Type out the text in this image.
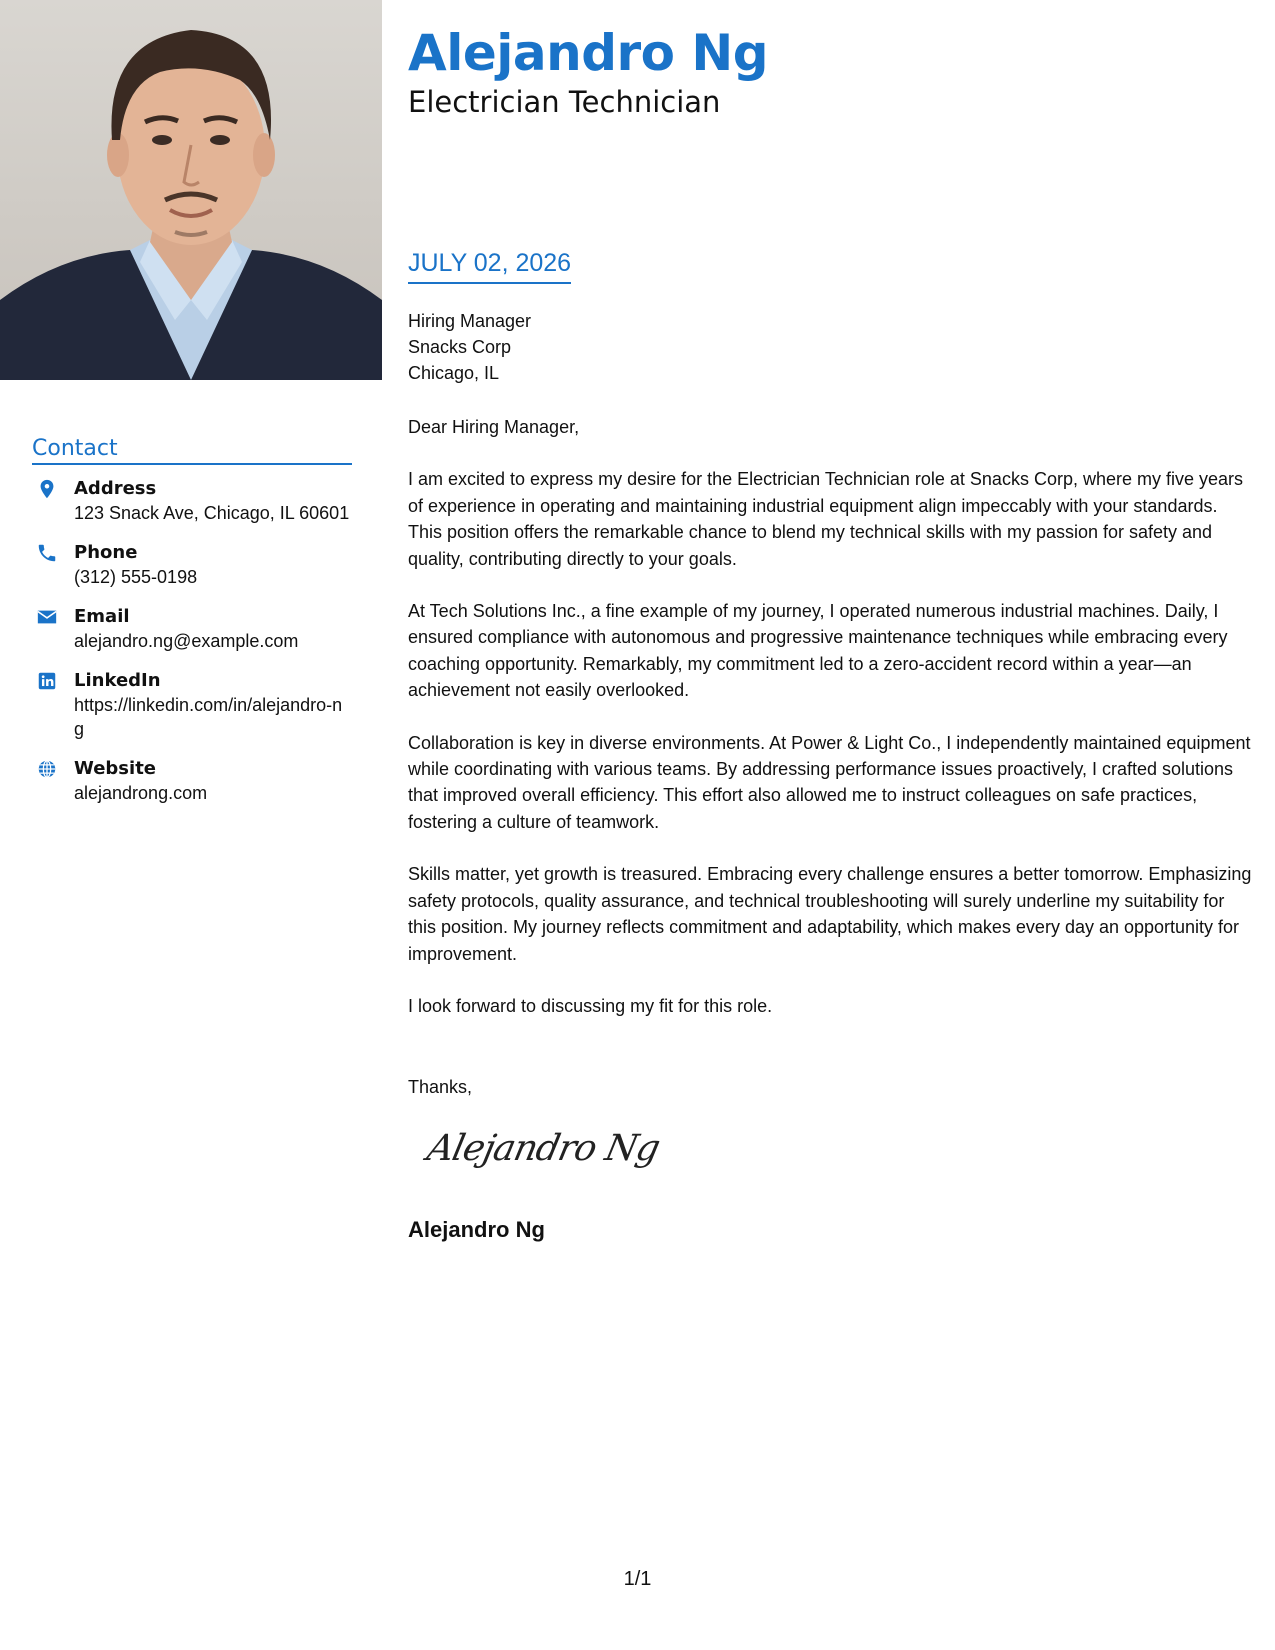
Contact
Address
123 Snack Ave, Chicago, IL 60601
Phone
(312) 555-0198
Email
alejandro.ng@example.com
LinkedIn
https://linkedin.com/in/alejandro-ng
Website
alejandrong.com
Alejandro Ng
Electrician Technician
JULY 02, 2026
Hiring Manager
Snacks Corp
Chicago, IL

Dear Hiring Manager,

I am excited to express my desire for the Electrician Technician role at Snacks Corp, where my five years of experience in operating and maintaining industrial equipment align impeccably with your standards. This position offers the remarkable chance to blend my technical skills with my passion for safety and quality, contributing directly to your goals.

At Tech Solutions Inc., a fine example of my journey, I operated numerous industrial machines. Daily, I ensured compliance with autonomous and progressive maintenance techniques while embracing every coaching opportunity. Remarkably, my commitment led to a zero-accident record within a year—an achievement not easily overlooked.

Collaboration is key in diverse environments. At Power & Light Co., I independently maintained equipment while coordinating with various teams. By addressing performance issues proactively, I crafted solutions that improved overall efficiency. This effort also allowed me to instruct colleagues on safe practices, fostering a culture of teamwork.

Skills matter, yet growth is treasured. Embracing every challenge ensures a better tomorrow. Emphasizing safety protocols, quality assurance, and technical troubleshooting will surely underline my suitability for this position. My journey reflects commitment and adaptability, which makes every day an opportunity for improvement.

I look forward to discussing my fit for this role.

Thanks,
Alejandro Ng
Alejandro Ng
1/1
